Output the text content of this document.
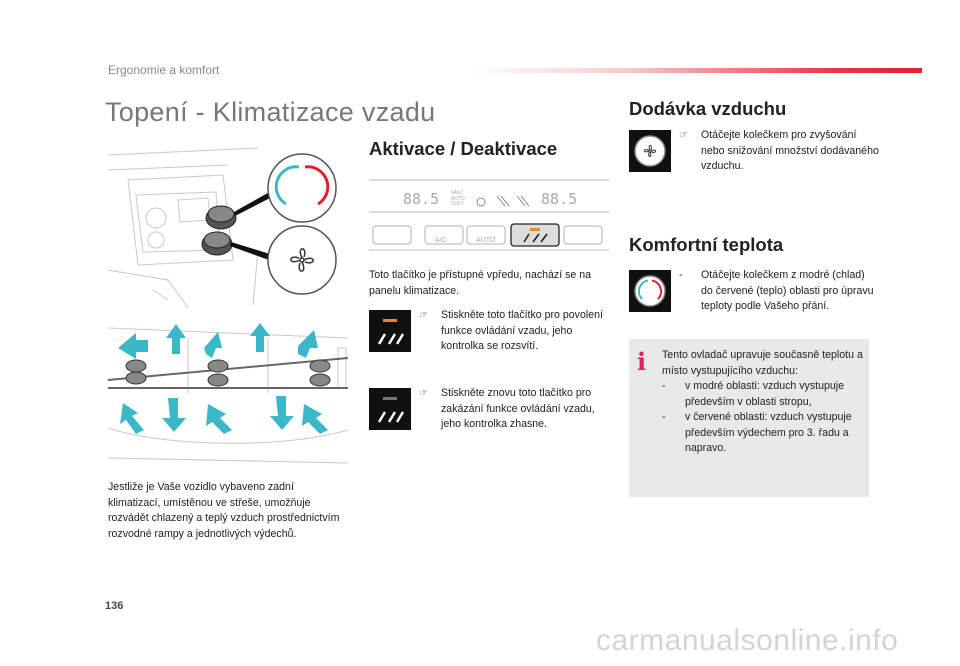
Ergonomie a komfort
Topení - Klimatizace vzadu
Jestliže je Vaše vozidlo vybaveno zadní klimatizací, umístěnou ve střeše, umožňuje rozvádět chlazený a teplý vzduch prostřednictvím rozvodné rampy a jednotlivých výdechů.
Aktivace / Deaktivace
88.5	88.5
FAST
AUTO
SOFT
A/C	AUTO
Toto tlačítko je přístupné vpředu, nachází se na panelu klimatizace.
☞ Stiskněte toto tlačítko pro povolení funkce ovládání vzadu, jeho kontrolka se rozsvítí.
☞ Stiskněte znovu toto tlačítko pro zakázání funkce ovládání vzadu, jeho kontrolka zhasne.
Dodávka vzduchu
☞ Otáčejte kolečkem pro zvyšování nebo snižování množství dodávaného vzduchu.
Komfortní teplota
- Otáčejte kolečkem z modré (chlad) do červené (teplo) oblasti pro úpravu teploty podle Vašeho přání.
i	Tento ovladač upravuje současně teplotu a místo vystupujícího vzduchu:
- v modré oblasti: vzduch vystupuje především v oblasti stropu,
- v červené oblasti: vzduch vystupuje především výdechem pro 3. řadu a napravo.
136
carmanualsonline.info
